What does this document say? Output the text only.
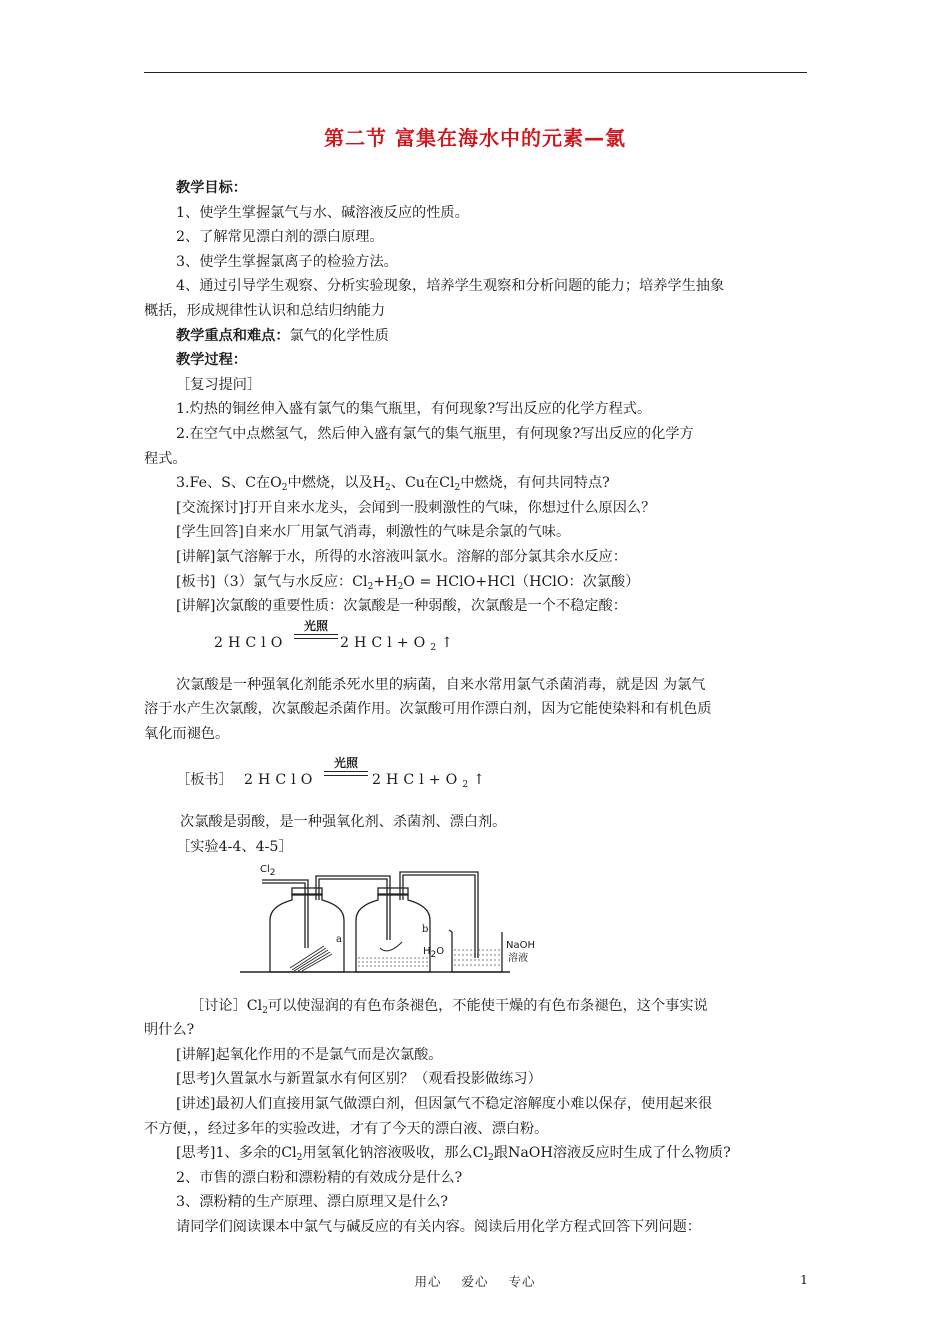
第二节 富集在海水中的元素—氯

教学目标：

1、使学生掌握氯气与水、碱溶液反应的性质。

2、了解常见漂白剂的漂白原理。

3、使学生掌握氯离子的检验方法。

4、通过引导学生观察、分析实验现象，培养学生观察和分析问题的能力；培养学生抽象

概括，形成规律性认识和总结归纳能力

教学重点和难点：氯气的化学性质

教学过程：

［复习提问］

1.灼热的铜丝伸入盛有氯气的集气瓶里，有何现象?写出反应的化学方程式。

2.在空气中点燃氢气，然后伸入盛有氯气的集气瓶里，有何现象?写出反应的化学方

程式。

3.Fe、S、C在$O_2$中燃烧，以及$H_2$、Cu在$Cl_2$中燃烧，有何共同特点?

[交流探讨]打开自来水龙头，会闻到一股刺激性的气味，你想过什么原因么？

[学生回答]自来水厂用氯气消毒，刺激性的气味是余氯的气味。

[讲解]氯气溶解于水，所得的水溶液叫氯水。溶解的部分氯其余水反应：

[板书]（3）氯气与水反应：$Cl_2+H_2O$ = HClO+HCl（HClO：次氯酸）

[讲解]次氯酸的重要性质：次氯酸是一种弱酸，次氯酸是一个不稳定酸：

2HClO
光照
$2HCl+O_2↑$

次氯酸是一种强氧化剂能杀死水里的病菌，自来水常用氯气杀菌消毒，就是因 为氯气

溶于水产生次氯酸，次氯酸起杀菌作用。次氯酸可用作漂白剂，因为它能使染料和有机色质

氧化而褪色。

［板书］ 2HClO
光照
$2HCl+O_2↑$

次氯酸是弱酸，是一种强氧化剂、杀菌剂、漂白剂。

［实验4-4、4-5］

$Cl_2$
a
b
$H_2O$
NaOH
溶液

［讨论$]Cl_2$可以使湿润的有色布条褪色，不能使干燥的有色布条褪色，这个事实说

明什么?

[讲解]起氧化作用的不是氯气而是次氯酸。

[思考]久置氯水与新置氯水有何区别？（观看投影做练习）

[讲述]最初人们直接用氯气做漂白剂，但因氯气不稳定溶解度小难以保存，使用起来很

不方便，，经过多年的实验改进，才有了今天的漂白液、漂白粉。

[思考]1、多余的$Cl_2$用氢氧化钠溶液吸收，那么$Cl_2$跟NaOH溶液反应时生成了什么物质?

2、市售的漂白粉和漂粉精的有效成分是什么?

3、漂粉精的生产原理、漂白原理又是什么?

请同学们阅读课本中氯气与碱反应的有关内容。阅读后用化学方程式回答下列问题：

用心 爱心 专心	1
